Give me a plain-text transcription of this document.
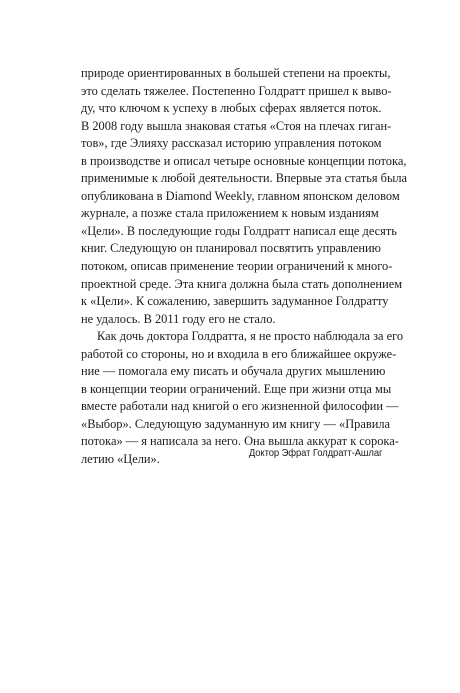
природе ориентированных в большей степени на проекты,
это сделать тяжелее. Постепенно Голдратт пришел к выво-
ду, что ключом к успеху в любых сферах является поток.
В 2008 году вышла знаковая статья «Стоя на плечах гиган-
тов», где Элияху рассказал историю управления потоком
в производстве и описал четыре основные концепции потока,
применимые к любой деятельности. Впервые эта статья была
опубликована в Diamond Weekly, главном японском деловом
журнале, а позже стала приложением к новым изданиям
«Цели». В последующие годы Голдратт написал еще десять
книг. Следующую он планировал посвятить управлению
потоком, описав применение теории ограничений к много-
проектной среде. Эта книга должна была стать дополнением
к «Цели». К сожалению, завершить задуманное Голдратту
не удалось. В 2011 году его не стало.
Как дочь доктора Голдратта, я не просто наблюдала за его
работой со стороны, но и входила в его ближайшее окруже-
ние — помогала ему писать и обучала других мышлению
в концепции теории ограничений. Еще при жизни отца мы
вместе работали над книгой о его жизненной философии —
«Выбор». Следующую задуманную им книгу — «Правила
потока» — я написала за него. Она вышла аккурат к сорока-
летию «Цели».	Доктор Эфрат Голдратт-Ашлаг
